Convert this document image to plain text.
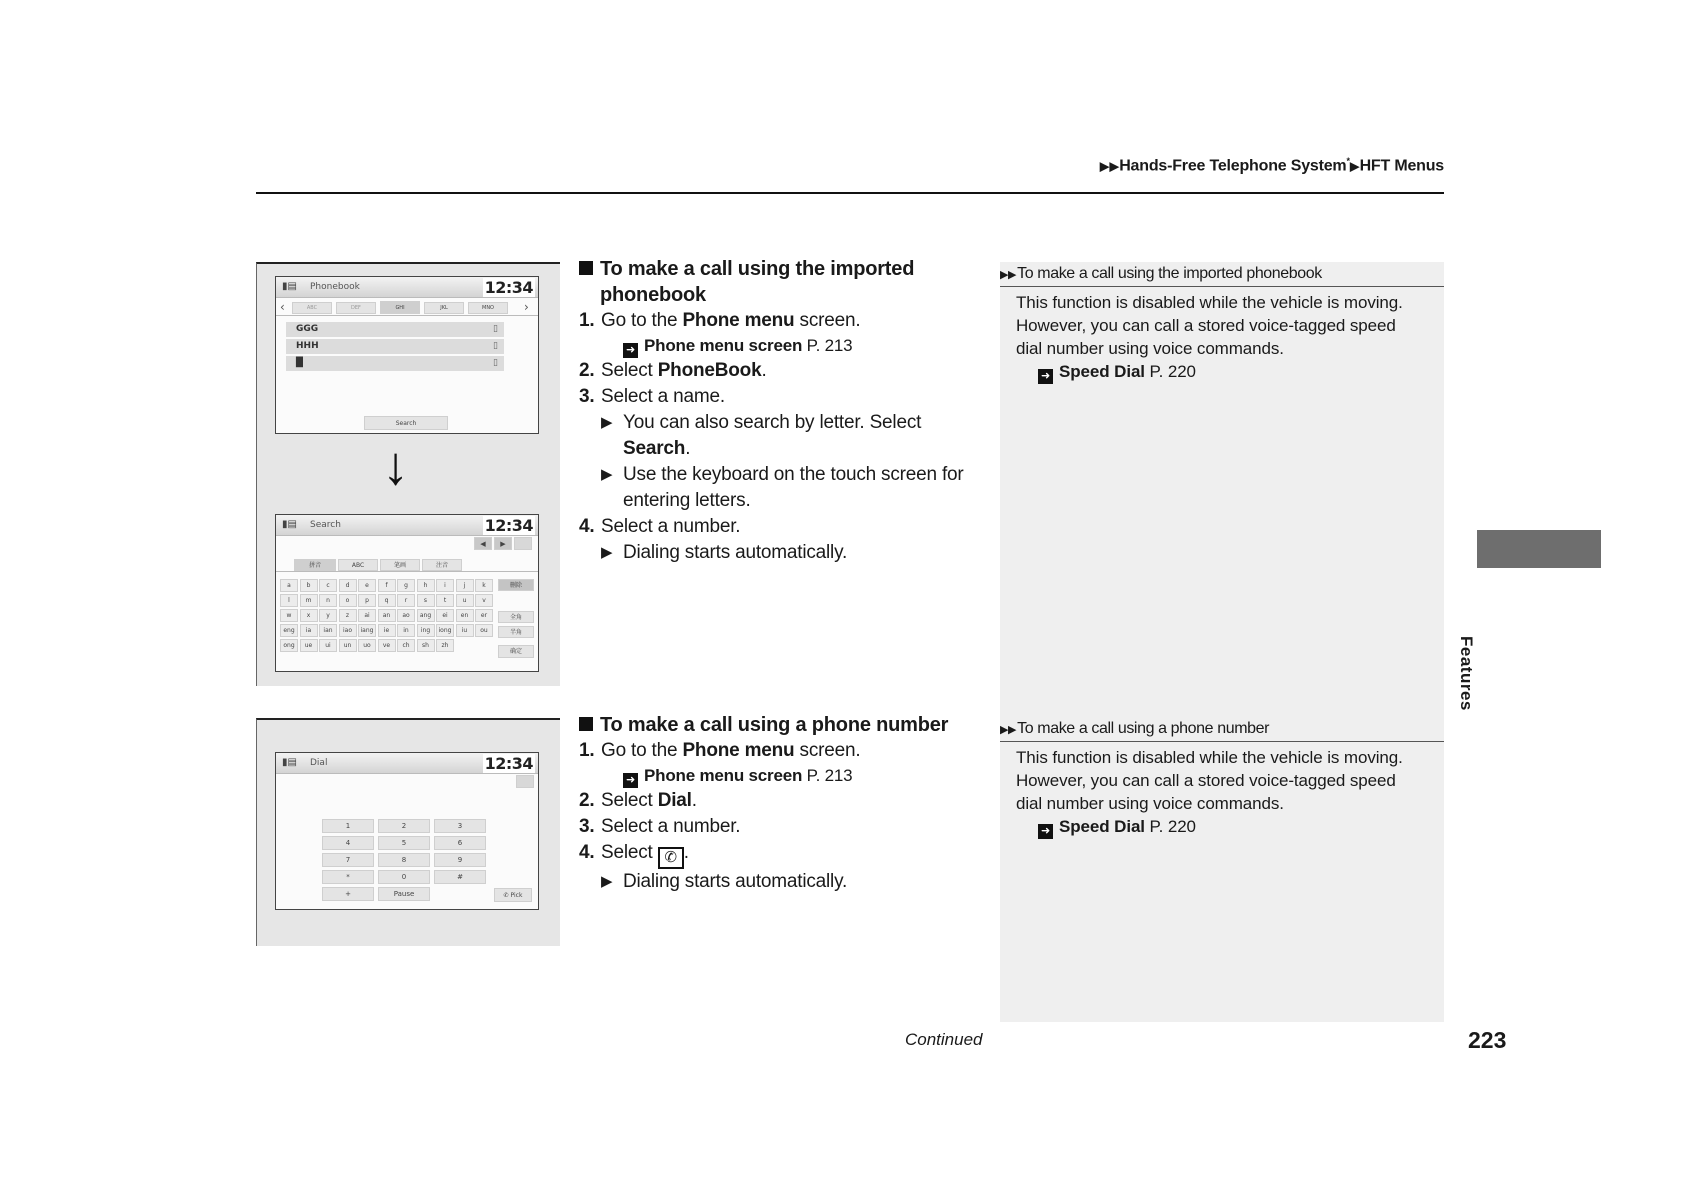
▶▶Hands-Free Telephone System*▶HFT Menus
▮▤ Phonebook	12:34
‹	ABC	DEF	GHI	JKL	MNO	›
GGG	▯
HHH	▯
█	▯
Search
↓
▮▤ Search	12:34
◀	▶
拼音	ABC	笔画	注音
a	b	c	d	e	f	g	h	i	j	k
l	m	n	o	p	q	r	s	t	u	v
w	x	y	z	ai	an	ao	ang	ei	en	er
eng	ia	ian	iao	iang	ie	in	ing	iong	iu	ou
ong	ue	ui	un	uo	ve	ch	sh	zh
删除
全角
半角
确定
▮▤ Dial	12:34
1	2	3
4	5	6
7	8	9
*	0	#
+	Pause	✆ Pick
To make a call using the imported
phonebook
1. Go to the Phone menu screen.
➜ Phone menu screen P. 213
2. Select PhoneBook.
3. Select a name.
▶ You can also search by letter. Select
Search.
▶ Use the keyboard on the touch screen for
entering letters.
4. Select a number.
▶ Dialing starts automatically.
To make a call using a phone number
1. Go to the Phone menu screen.
➜ Phone menu screen P. 213
2. Select Dial.
3. Select a number.
4. Select ✆ .
▶ Dialing starts automatically.
▶▶To make a call using the imported phonebook
This function is disabled while the vehicle is moving.
However, you can call a stored voice-tagged speed
dial number using voice commands.
➜ Speed Dial P. 220
▶▶To make a call using a phone number
This function is disabled while the vehicle is moving.
However, you can call a stored voice-tagged speed
dial number using voice commands.
➜ Speed Dial P. 220
Features
Continued	223
